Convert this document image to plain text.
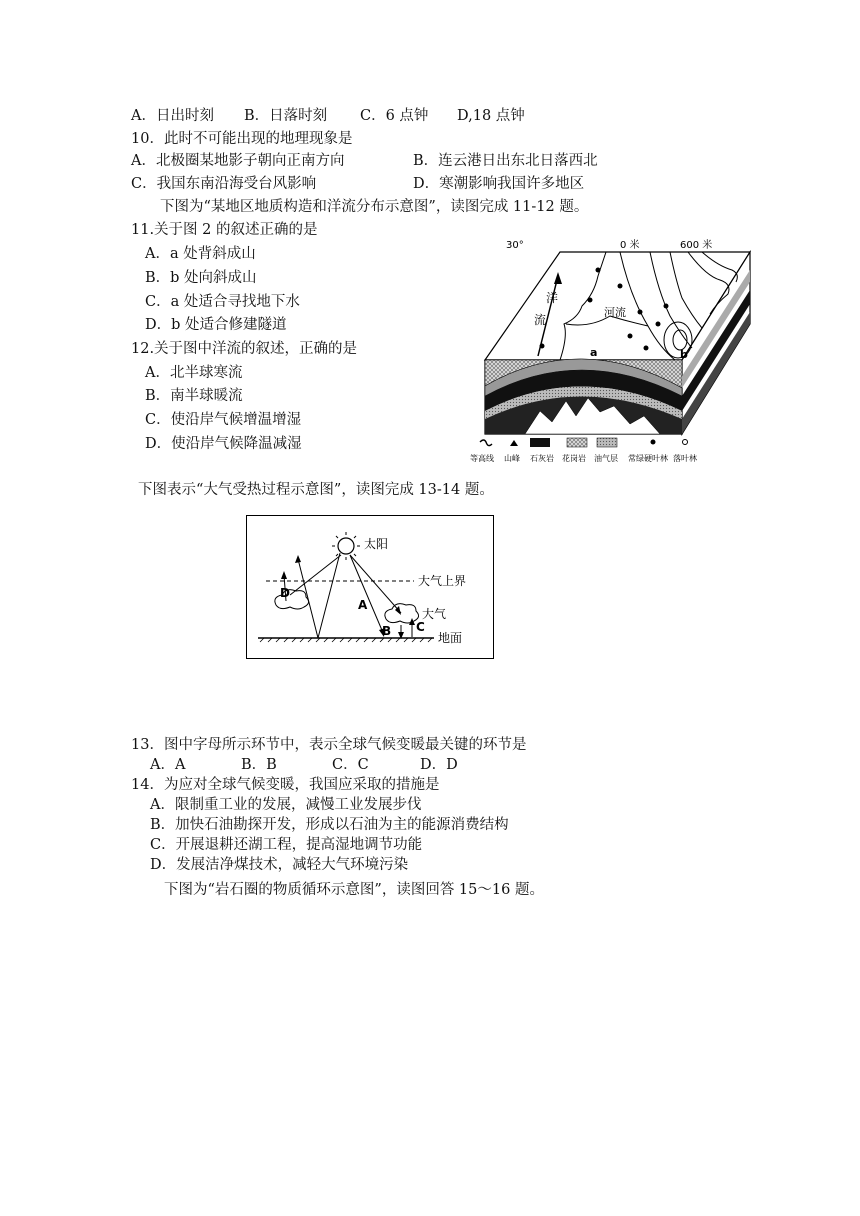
A．日出时刻 B．日落时刻 C．6 点钟 D,18 点钟
10．此时不可能出现的地理现象是
A．北极圈某地影子朝向正南方向	B．连云港日出东北日落西北
C．我国东南沿海受台风影响	D．寒潮影响我国许多地区
下图为“某地区地质构造和洋流分布示意图”，读图完成 11-12 题。
11.关于图 2 的叙述正确的是
A．a 处背斜成山
B．b 处向斜成山
C．a 处适合寻找地下水
D．b 处适合修建隧道
12.关于图中洋流的叙述，正确的是
A．北半球寒流
B．南半球暖流
C．使沿岸气候增温增湿
D．使沿岸气候降温减湿
30°	0 米	600 米
洋
流
河流
a	b
等高线 山峰 石灰岩 花岗岩 油气层 常绿硬叶林 落叶林
下图表示“大气受热过程示意图”，读图完成 13-14 题。
太阳
大气上界
地面
大气
D
A
B C
13．图中字母所示环节中，表示全球气候变暖最关键的环节是
A．A	B．B	C．C	D．D
14．为应对全球气候变暖，我国应采取的措施是
A．限制重工业的发展，减慢工业发展步伐
B．加快石油勘探开发，形成以石油为主的能源消费结构
C．开展退耕还湖工程，提高湿地调节功能
D．发展洁净煤技术，减轻大气环境污染
下图为“岩石圈的物质循环示意图”，读图回答 15～16 题。
